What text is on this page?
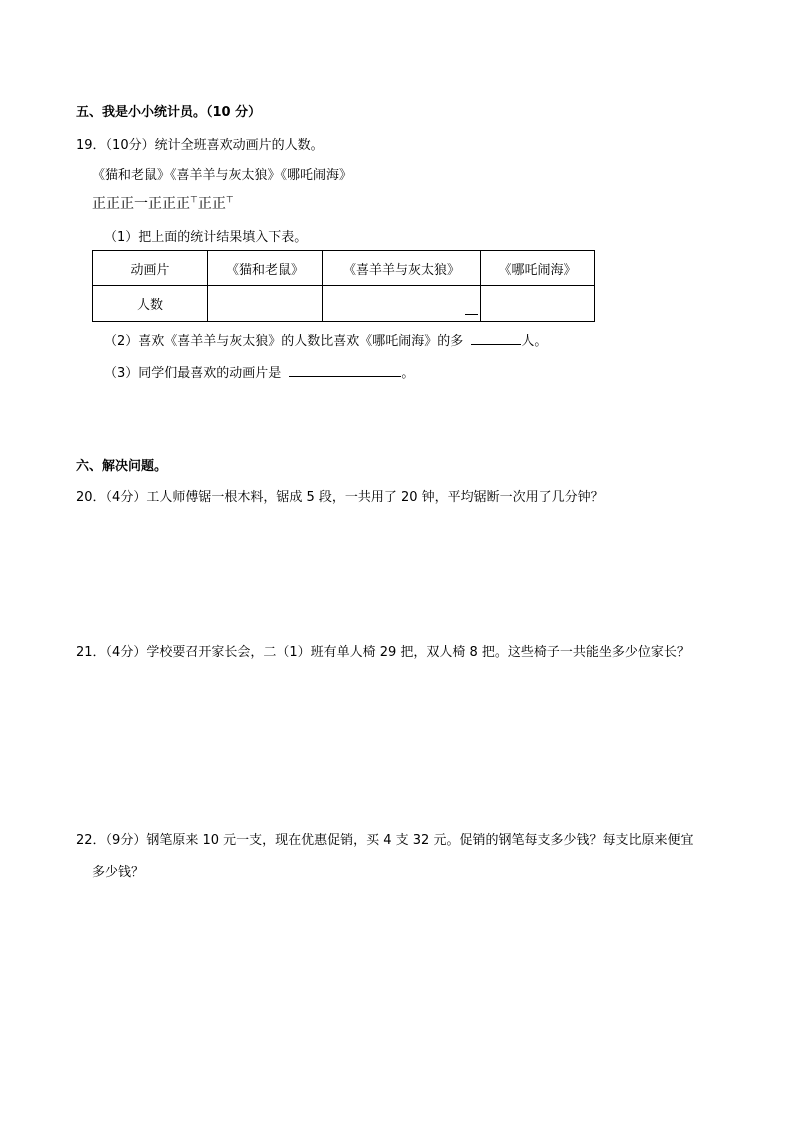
五、我是小小统计员。（10 分）
19．（10分）统计全班喜欢动画片的人数。
《猫和老鼠》《喜羊羊与灰太狼》《哪吒闹海》
正正正一正正正⊤正正⊤
（1）把上面的统计结果填入下表。
动画片	《猫和老鼠》	《喜羊羊与灰太狼》	《哪吒闹海》
人数		

（2）喜欢《喜羊羊与灰太狼》的人数比喜欢《哪吒闹海》的多	人。
（3）同学们最喜欢的动画片是	。
六、解决问题。
20．（4分）工人师傅锯一根木料，锯成 5 段，一共用了 20 钟，平均锯断一次用了几分钟？
21．（4分）学校要召开家长会，二（1）班有单人椅 29 把，双人椅 8 把。这些椅子一共能坐多少位家长？
22．（9分）钢笔原来 10 元一支，现在优惠促销，买 4 支 32 元。促销的钢笔每支多少钱？每支比原来便宜
多少钱？
